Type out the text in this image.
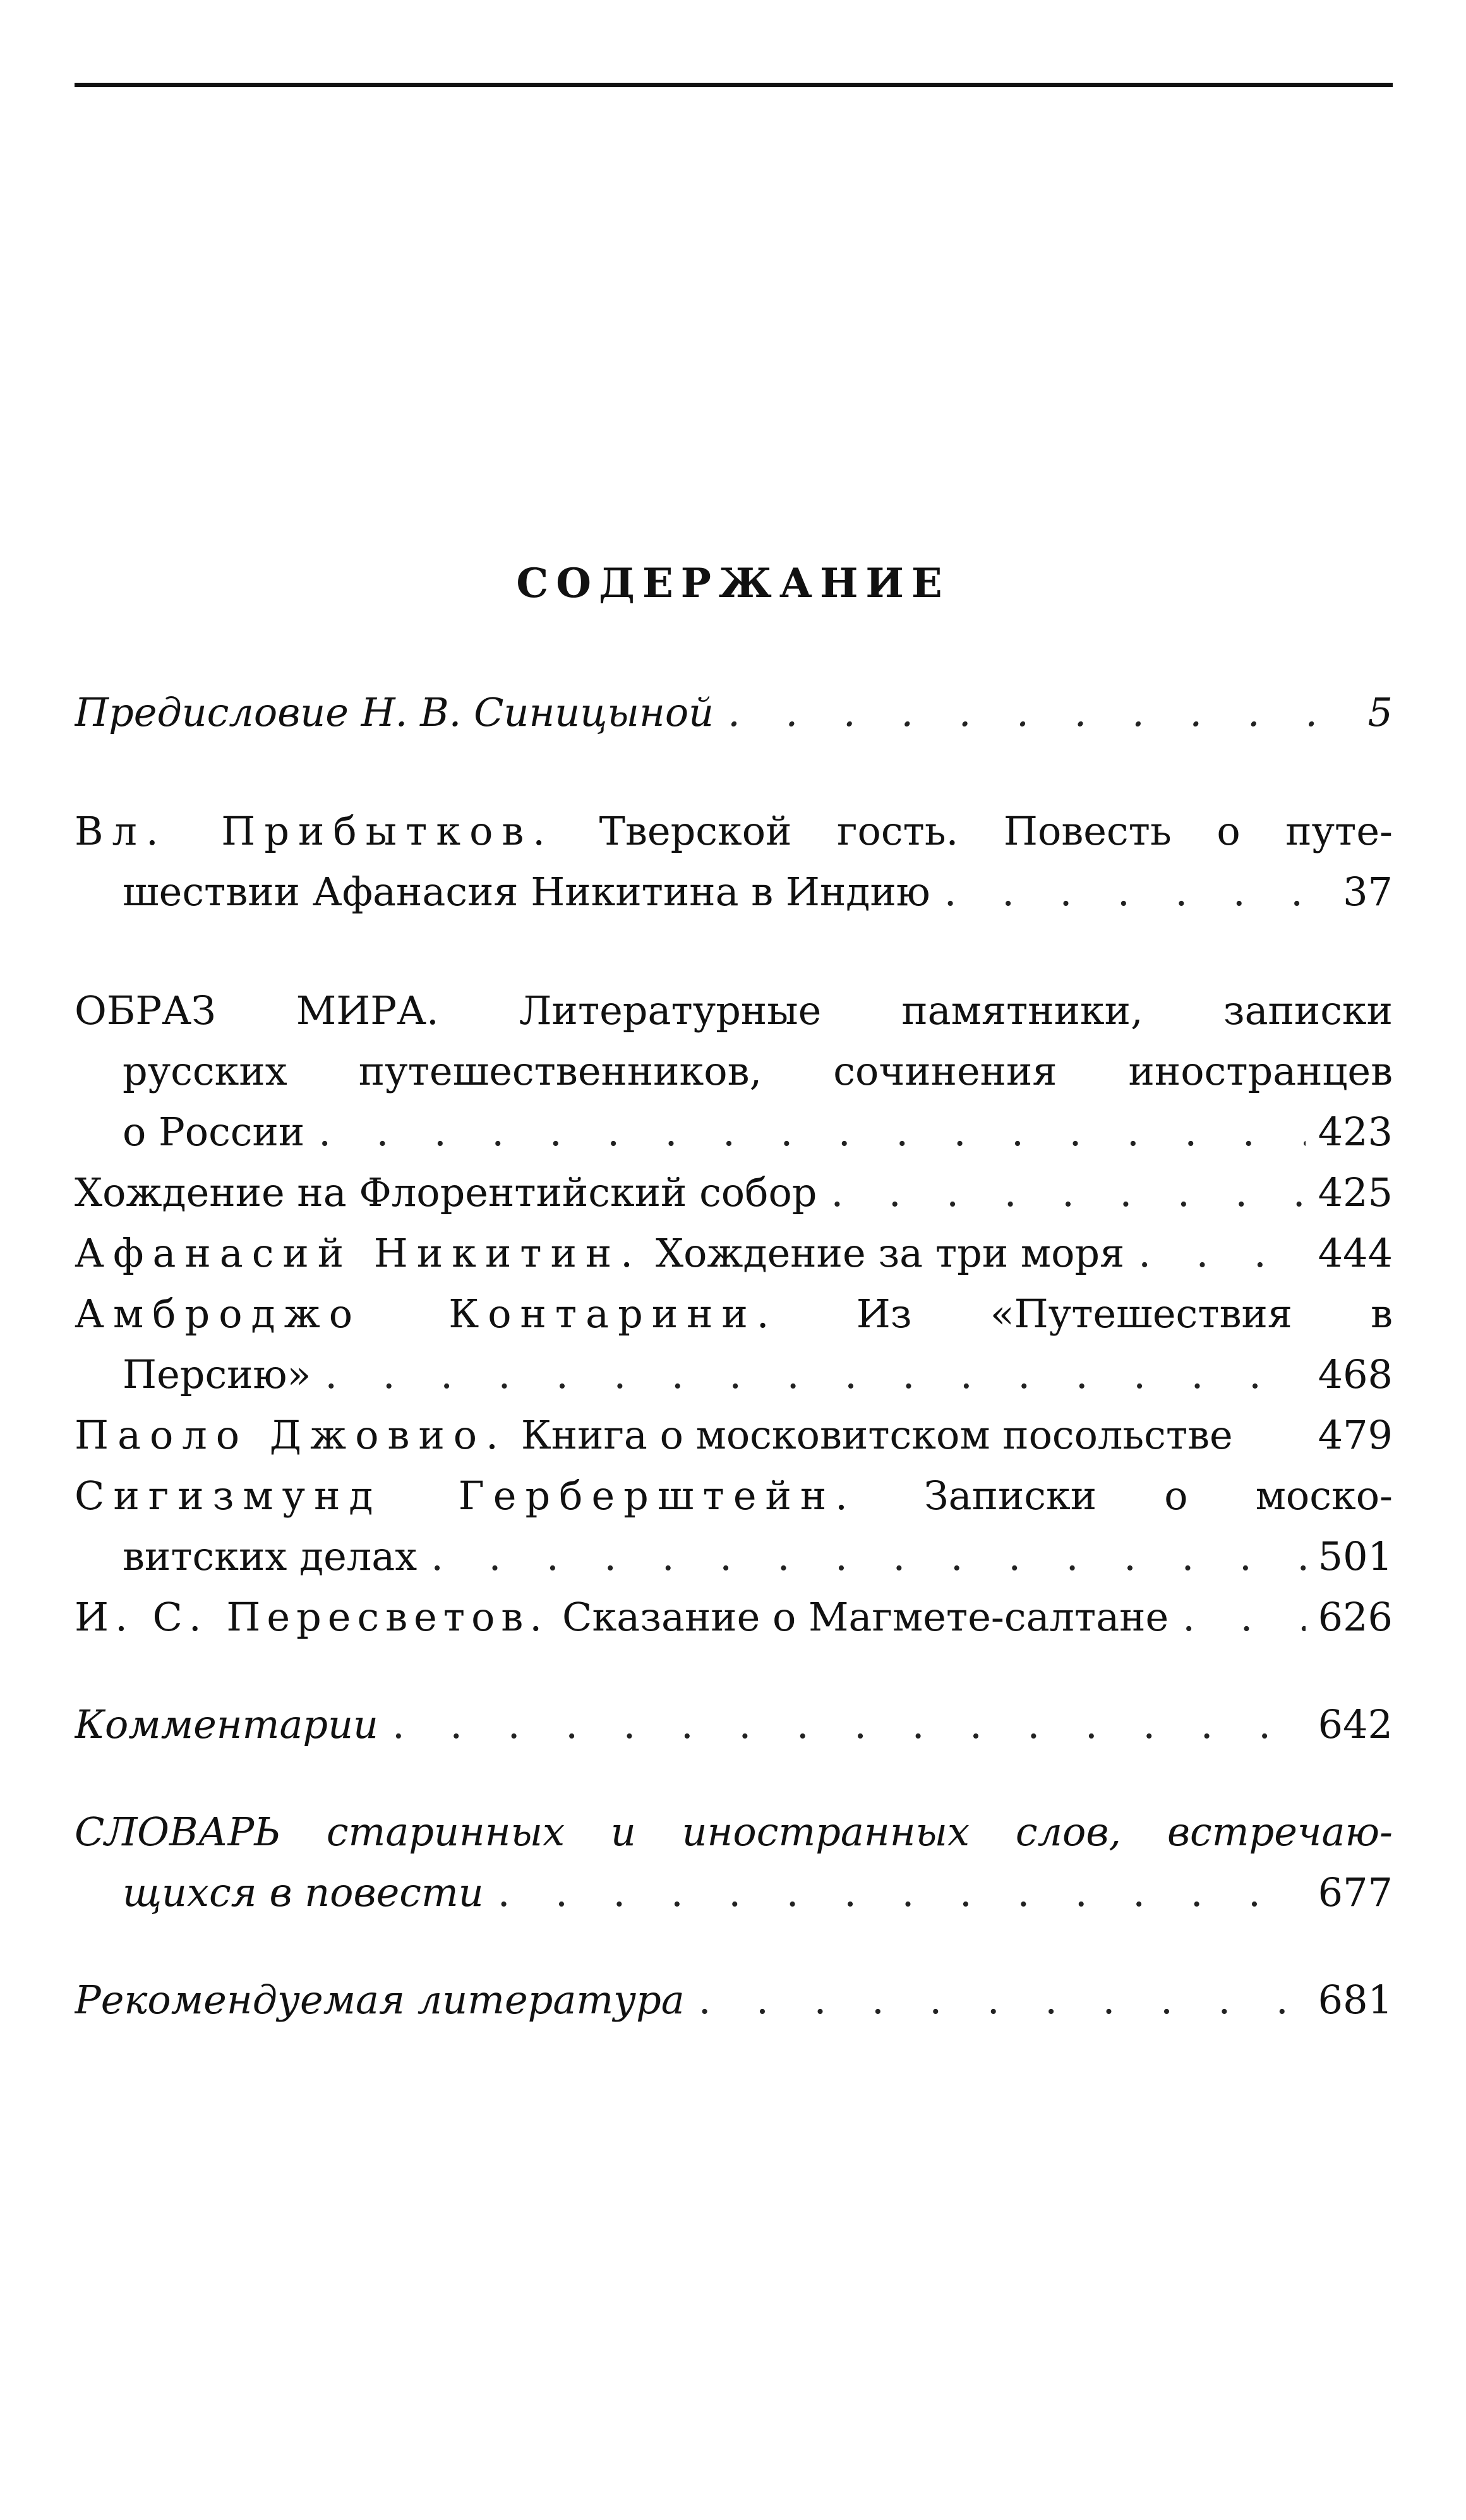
СОДЕРЖАНИЕ
Предисловие Н. В. Синицыной . . .	5
Вл. Прибытков. Тверской гость. Повесть о путе-
шествии Афанасия Никитина в Индию . . .	37
ОБРАЗ МИРА. Литературные памятники, записки
русских путешественников, сочинения иностранцев
о России . . .	423
Хождение на Флорентийский собор . . .	425
Афанасий Никитин. Хождение за три моря . . .	444
Амброджо Контарини. Из «Путешествия в
Персию» . . .	468
Паоло Джовио. Книга о московитском посольстве 479
Сигизмунд Герберштейн. Записки о моско-
витских делах . . .	501
И. С. Пересветов. Сказание о Магмете-салтане . . .	626
Комментарии . . .	642
СЛОВАРЬ старинных и иностранных слов, встречаю-
щихся в повести . . .	677
Рекомендуемая литература . . .	681
